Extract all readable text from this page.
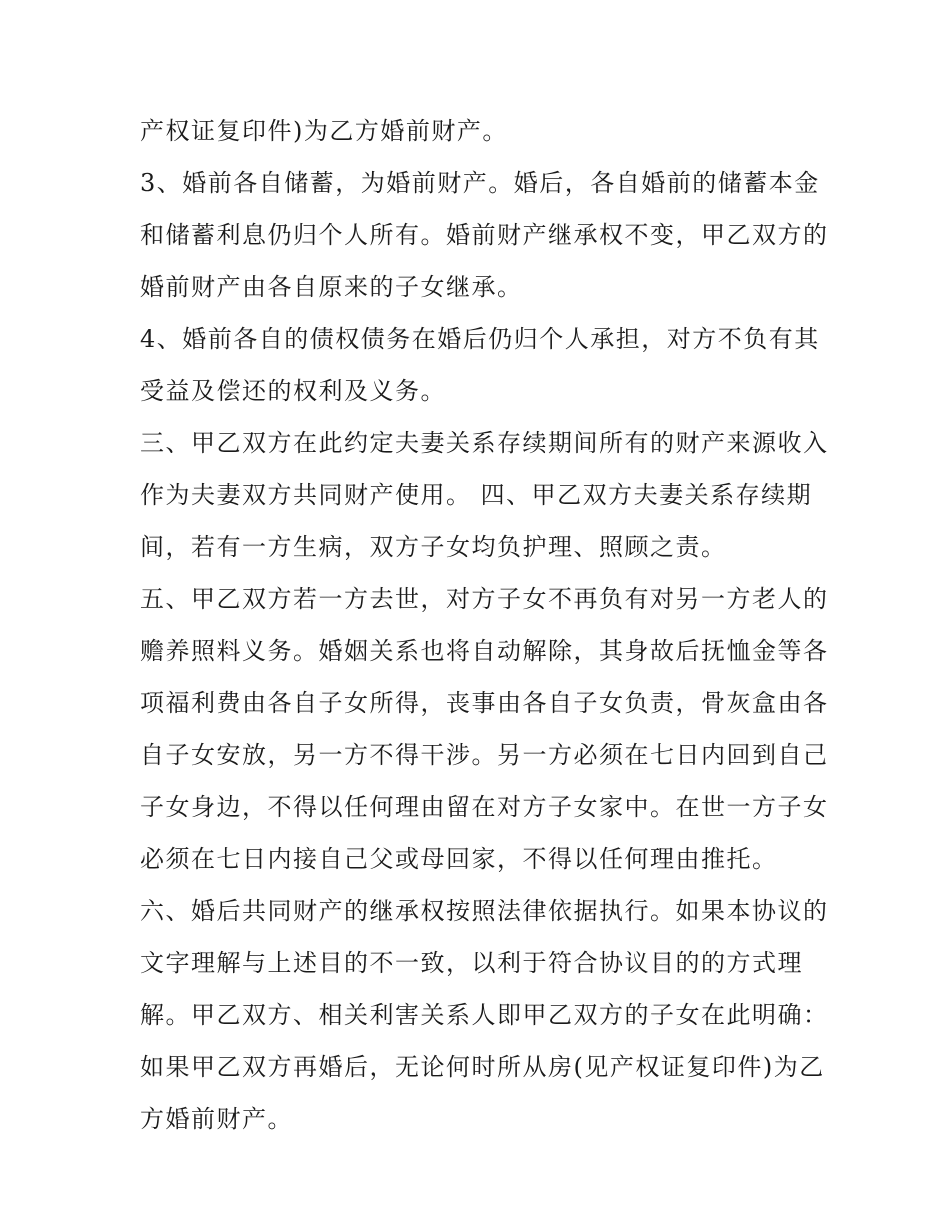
产权证复印件)为乙方婚前财产。
3、婚前各自储蓄，为婚前财产。婚后，各自婚前的储蓄本金
和储蓄利息仍归个人所有。婚前财产继承权不变，甲乙双方的
婚前财产由各自原来的子女继承。
4、婚前各自的债权债务在婚后仍归个人承担，对方不负有其
受益及偿还的权利及义务。
三、甲乙双方在此约定夫妻关系存续期间所有的财产来源收入
作为夫妻双方共同财产使用。 四、甲乙双方夫妻关系存续期
间，若有一方生病，双方子女均负护理、照顾之责。
五、甲乙双方若一方去世，对方子女不再负有对另一方老人的
赡养照料义务。婚姻关系也将自动解除，其身故后抚恤金等各
项福利费由各自子女所得，丧事由各自子女负责，骨灰盒由各
自子女安放，另一方不得干涉。另一方必须在七日内回到自己
子女身边，不得以任何理由留在对方子女家中。在世一方子女
必须在七日内接自己父或母回家，不得以任何理由推托。
六、婚后共同财产的继承权按照法律依据执行。如果本协议的
文字理解与上述目的不一致，以利于符合协议目的的方式理
解。甲乙双方、相关利害关系人即甲乙双方的子女在此明确：
如果甲乙双方再婚后，无论何时所从房(见产权证复印件)为乙
方婚前财产。
